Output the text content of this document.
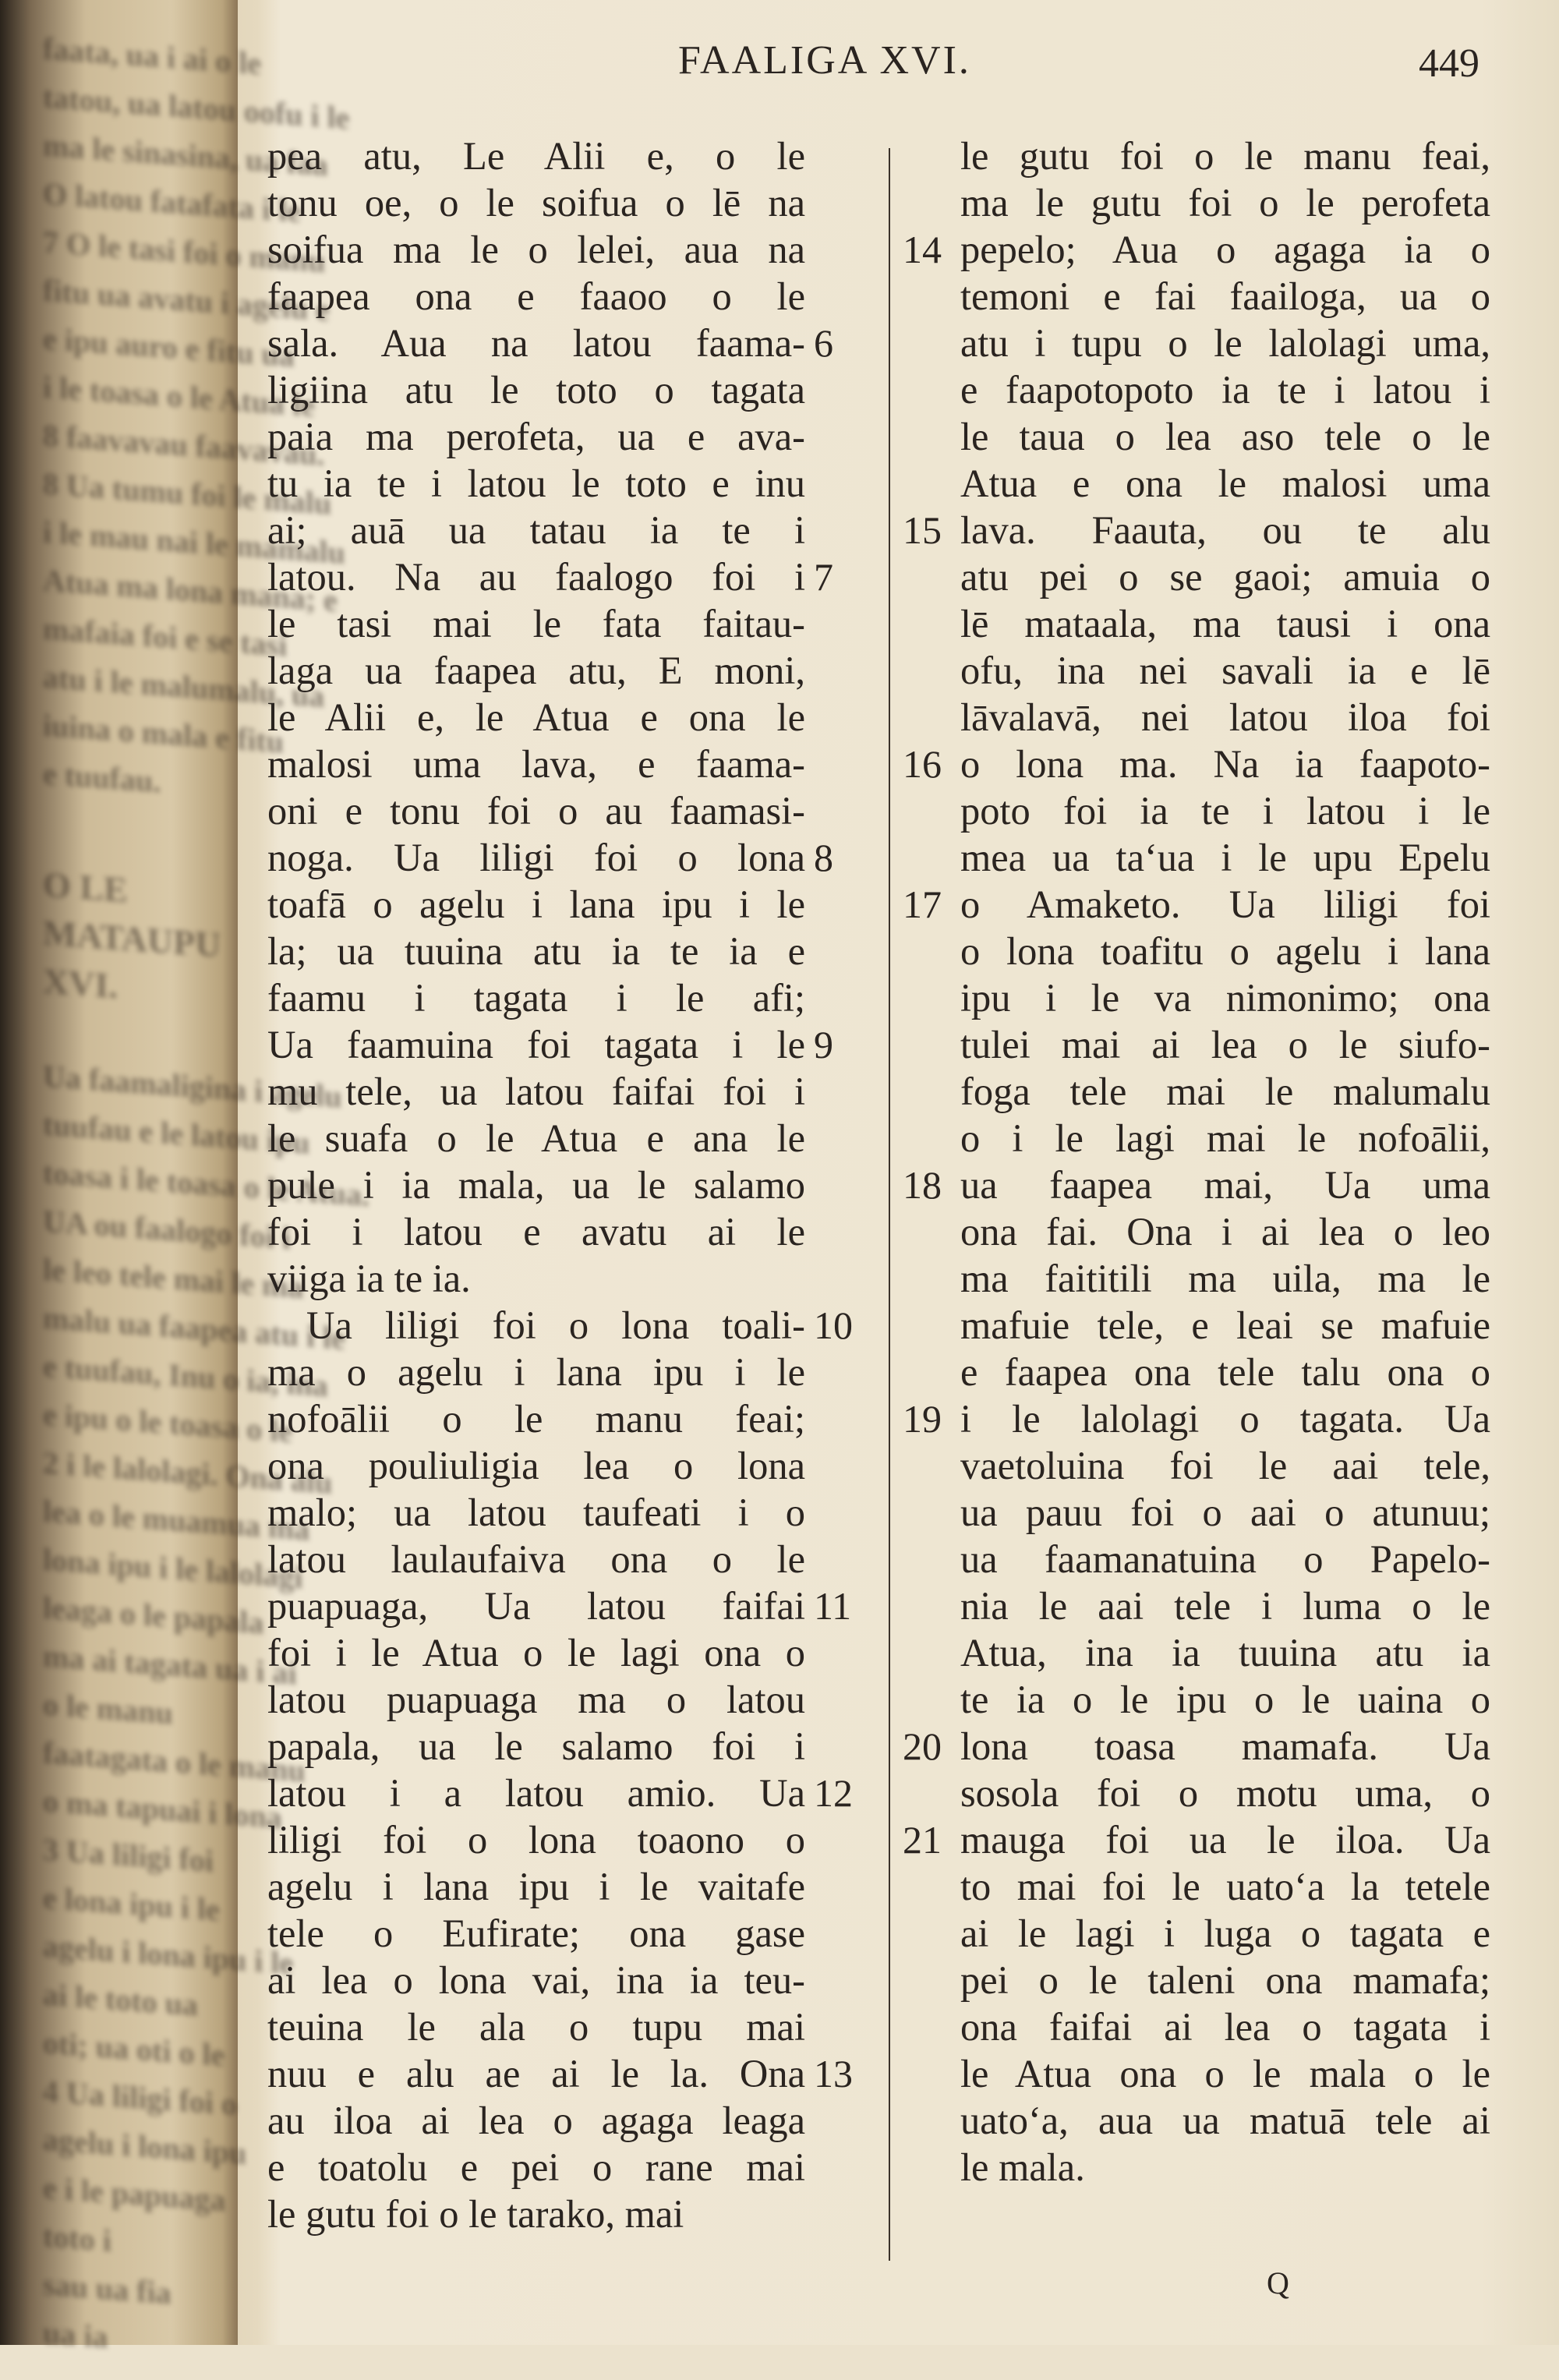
faata, ua i ai o le
tatou, ua latou oofu i le
ma le sinasina, ua faa
O latou fatafata i le
7 O le tasi foi o manu
fitu ua avatu i agelu e
e ipu auro e fitu ua
i le toasa o le Atua le
8 faavavau faavavau.
8 Ua tumu foi le malu
i le mau nai le mamalu
Atua ma lona mana; e
mafaia foi e se tasi
atu i le malumalu, ua
iuina o mala e fitu
e tuufau.
O LE MATAUPU XVI.
Ua faamaligina i agelu
tuufau e le latou ipu
toasa i le toasa o le Atua.
UA ou faalogo foi i
le leo tele mai le ma
malu ua faapea atu i le
e tuufau, Inu o ia, ina
e ipu o le toasa o le
2 i le lalolagi. Ona alu
lea o le muamua ma
lona ipu i le lalolagi
leaga o le papala
ma ai tagata ua i ai
o le manu
faatagata o le manu
o ma tapuai i lona
3 Ua liligi foi
e lona ipu i le
agelu i lona ipu i le
ai le toto ua
oti; ua oti o le
4 Ua liligi foi o
agelu i lona ipu
e i le papuaga
toto i
sau ua fia
ua ia
FAALIGA XVI.	449
pea atu, Le Alii e, o le
tonu oe, o le soifua o lē na
soifua ma le o lelei, aua na
faapea ona e faaoo o le
sala. Aua na latou faama-
ligiina atu le toto o tagata
paia ma perofeta, ua e ava-
tu ia te i latou le toto e inu
ai; auā ua tatau ia te i
latou. Na au faalogo foi i
le tasi mai le fata faitau-
laga ua faapea atu, E moni,
le Alii e, le Atua e ona le
malosi uma lava, e faama-
oni e tonu foi o au faamasi-
noga. Ua liligi foi o lona
toafā o agelu i lana ipu i le
la; ua tuuina atu ia te ia e
faamu i tagata i le afi;
Ua faamuina foi tagata i le
mu tele, ua latou faifai foi i
le suafa o le Atua e ana le
pule i ia mala, ua le salamo
foi i latou e avatu ai le
viiga ia te ia.
Ua liligi foi o lona toali-
ma o agelu i lana ipu i le
nofoālii o le manu feai;
ona pouliuligia lea o lona
malo; ua latou taufeati i o
latou laulaufaiva ona o le
puapuaga, Ua latou faifai
foi i le Atua o le lagi ona o
latou puapuaga ma o latou
papala, ua le salamo foi i
latou i a latou amio. Ua
liligi foi o lona toaono o
agelu i lana ipu i le vaitafe
tele o Eufirate; ona gase
ai lea o lona vai, ina ia teu-
teuina le ala o tupu mai
nuu e alu ae ai le la. Ona
au iloa ai lea o agaga leaga
e toatolu e pei o rane mai
le gutu foi o le tarako, mai
6
7
8
9
10
11
12
13
14
15
16
17
18
19
20
21
le gutu foi o le manu feai,
ma le gutu foi o le perofeta
pepelo; Aua o agaga ia o
temoni e fai faailoga, ua o
atu i tupu o le lalolagi uma,
e faapotopoto ia te i latou i
le taua o lea aso tele o le
Atua e ona le malosi uma
lava. Faauta, ou te alu
atu pei o se gaoi; amuia o
lē mataala, ma tausi i ona
ofu, ina nei savali ia e lē
lāvalavā, nei latou iloa foi
o lona ma. Na ia faapoto-
poto foi ia te i latou i le
mea ua taʻua i le upu Epelu
o Amaketo. Ua liligi foi
o lona toafitu o agelu i lana
ipu i le va nimonimo; ona
tulei mai ai lea o le siufo-
foga tele mai le malumalu
o i le lagi mai le nofoālii,
ua faapea mai, Ua uma
ona fai. Ona i ai lea o leo
ma faititili ma uila, ma le
mafuie tele, e leai se mafuie
e faapea ona tele talu ona o
i le lalolagi o tagata. Ua
vaetoluina foi le aai tele,
ua pauu foi o aai o atunuu;
ua faamanatuina o Papelo-
nia le aai tele i luma o le
Atua, ina ia tuuina atu ia
te ia o le ipu o le uaina o
lona toasa mamafa. Ua
sosola foi o motu uma, o
mauga foi ua le iloa. Ua
to mai foi le uatoʻa la tetele
ai le lagi i luga o tagata e
pei o le taleni ona mamafa;
ona faifai ai lea o tagata i
le Atua ona o le mala o le
uatoʻa, aua ua matuā tele ai
le mala.
Q
